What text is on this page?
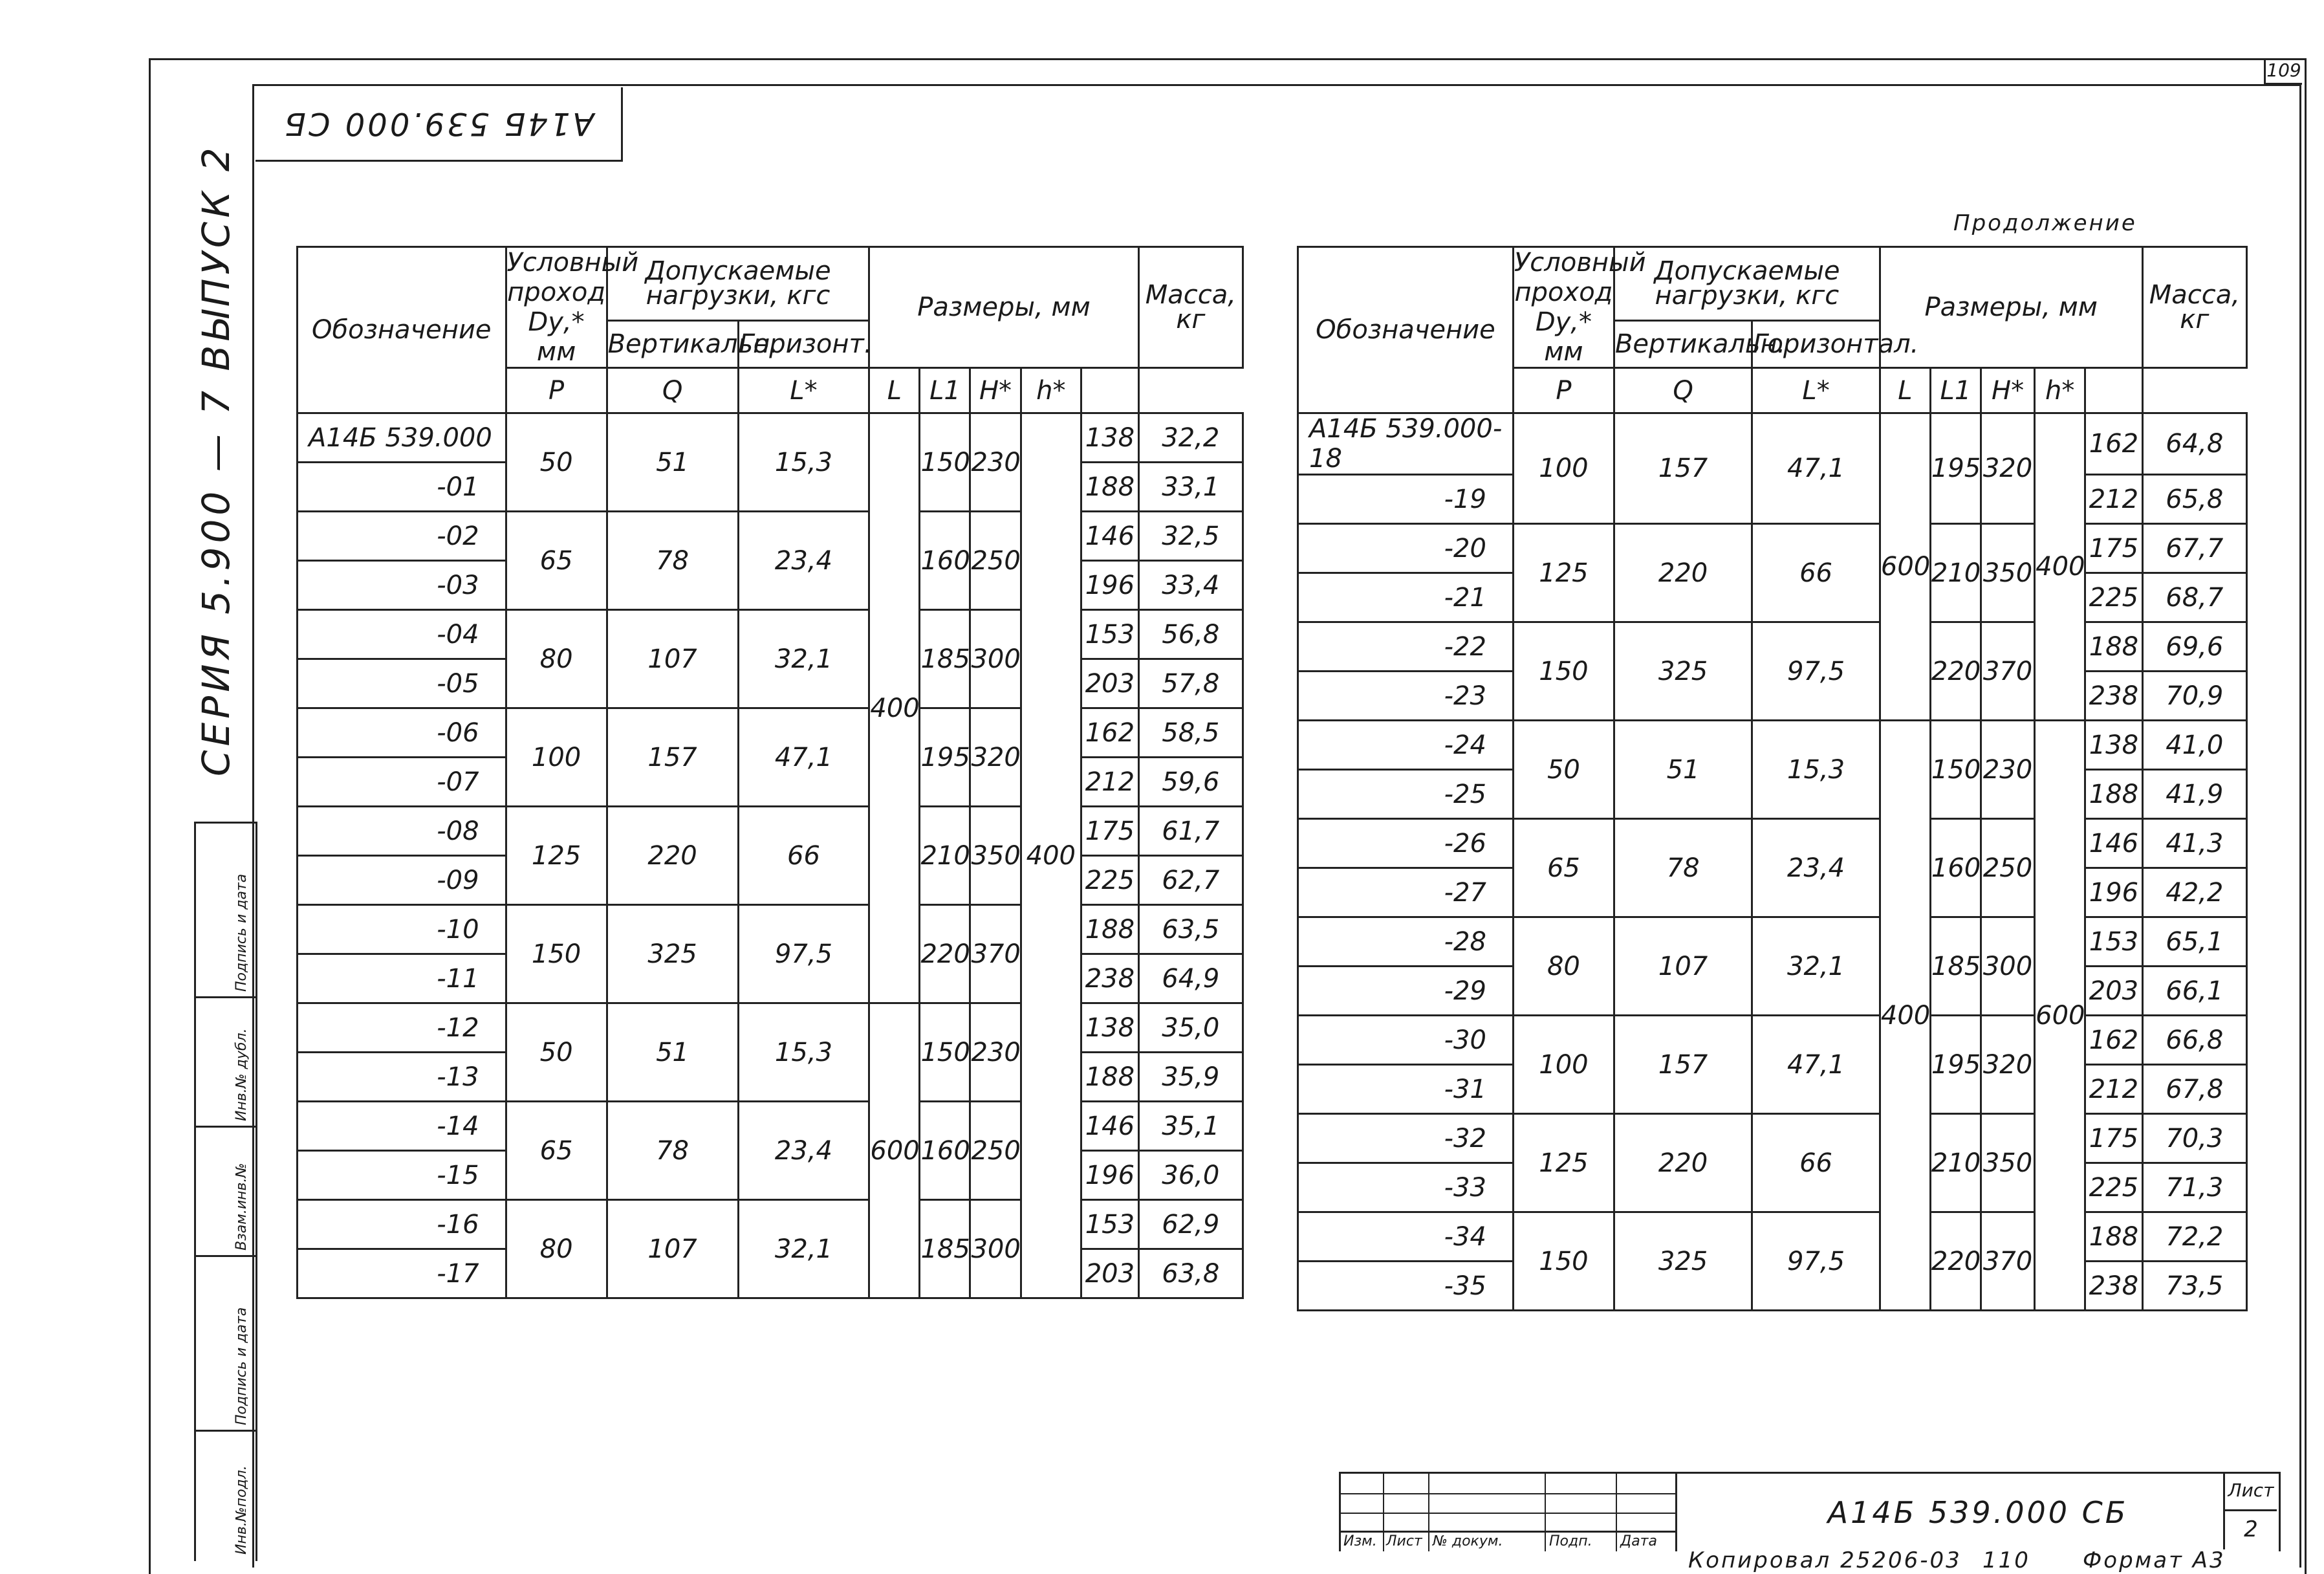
109
А14Б 539.000 СБ
СЕРИЯ 5.900 — 7 ВЫПУСК 2
Инв.№подл.
Подпись и дата
Взам.инв.№
Инв.№ дубл.
Подпись и дата
Продолжение
Обозначение	Условный проход Dу,* мм	Допускаемые нагрузки, кгс		Размеры, мм					Масса, кг
		Вертикальн.	Горизонт.						
	P	Q	L*	L	L1	H*	h*		
А14Б 539.000	50	51	15,3	400	150	230	400	138	32,2
-01								188	33,1
-02	65	78	23,4		160	250		146	32,5
-03								196	33,4
-04	80	107	32,1		185	300		153	56,8
-05								203	57,8
-06	100	157	47,1		195	320		162	58,5
-07								212	59,6
-08	125	220	66		210	350		175	61,7
-09								225	62,7
-10	150	325	97,5		220	370		188	63,5
-11								238	64,9
-12	50	51	15,3	600	150	230		138	35,0
-13								188	35,9
-14	65	78	23,4		160	250		146	35,1
-15								196	36,0
-16	80	107	32,1		185	300		153	62,9
-17								203	63,8
Обозначение	Условный проход Dу,* мм	Допускаемые нагрузки, кгс		Размеры, мм					Масса, кг
		Вертикальн.	Горизонтал.						
	P	Q	L*	L	L1	H*	h*		
А14Б 539.000-18	100	157	47,1	600	195	320	400	162	64,8
-19								212	65,8
-20	125	220	66		210	350		175	67,7
-21								225	68,7
-22	150	325	97,5		220	370		188	69,6
-23								238	70,9
-24	50	51	15,3	400	150	230	600	138	41,0
-25								188	41,9
-26	65	78	23,4		160	250		146	41,3
-27								196	42,2
-28	80	107	32,1		185	300		153	65,1
-29								203	66,1
-30	100	157	47,1		195	320		162	66,8
-31								212	67,8
-32	125	220	66		210	350		175	70,3
-33								225	71,3
-34	150	325	97,5		220	370		188	72,2
-35								238	73,5
Изм. Лист № докум.	Подп. Дата
А14Б 539.000 СБ
Лист
2
Копировал 25206-03 110 Формат А3
